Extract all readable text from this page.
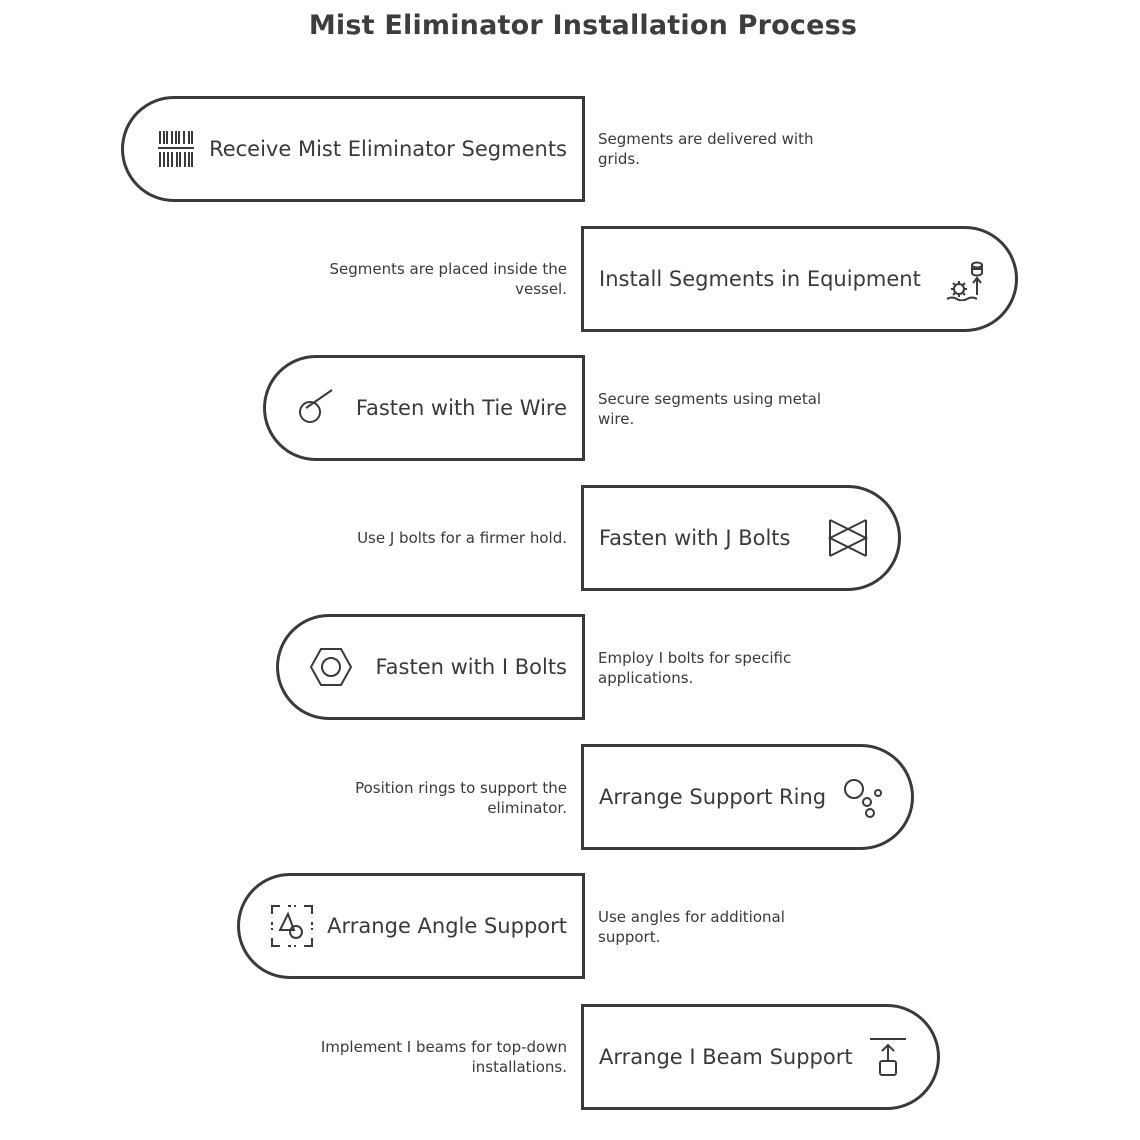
Mist Eliminator Installation Process
Receive Mist Eliminator Segments Segments are delivered with grids.
Install Segments in Equipment
Segments are placed inside the vessel.
Fasten with Tie Wire Secure segments using metal wire.
Fasten with J Bolts
Use J bolts for a firmer hold.
Fasten with I Bolts Employ I bolts for specific applications.
Arrange Support Ring
Position rings to support the eliminator.
Arrange Angle Support Use angles for additional support.
Arrange I Beam Support
Implement I beams for top-down installations.
